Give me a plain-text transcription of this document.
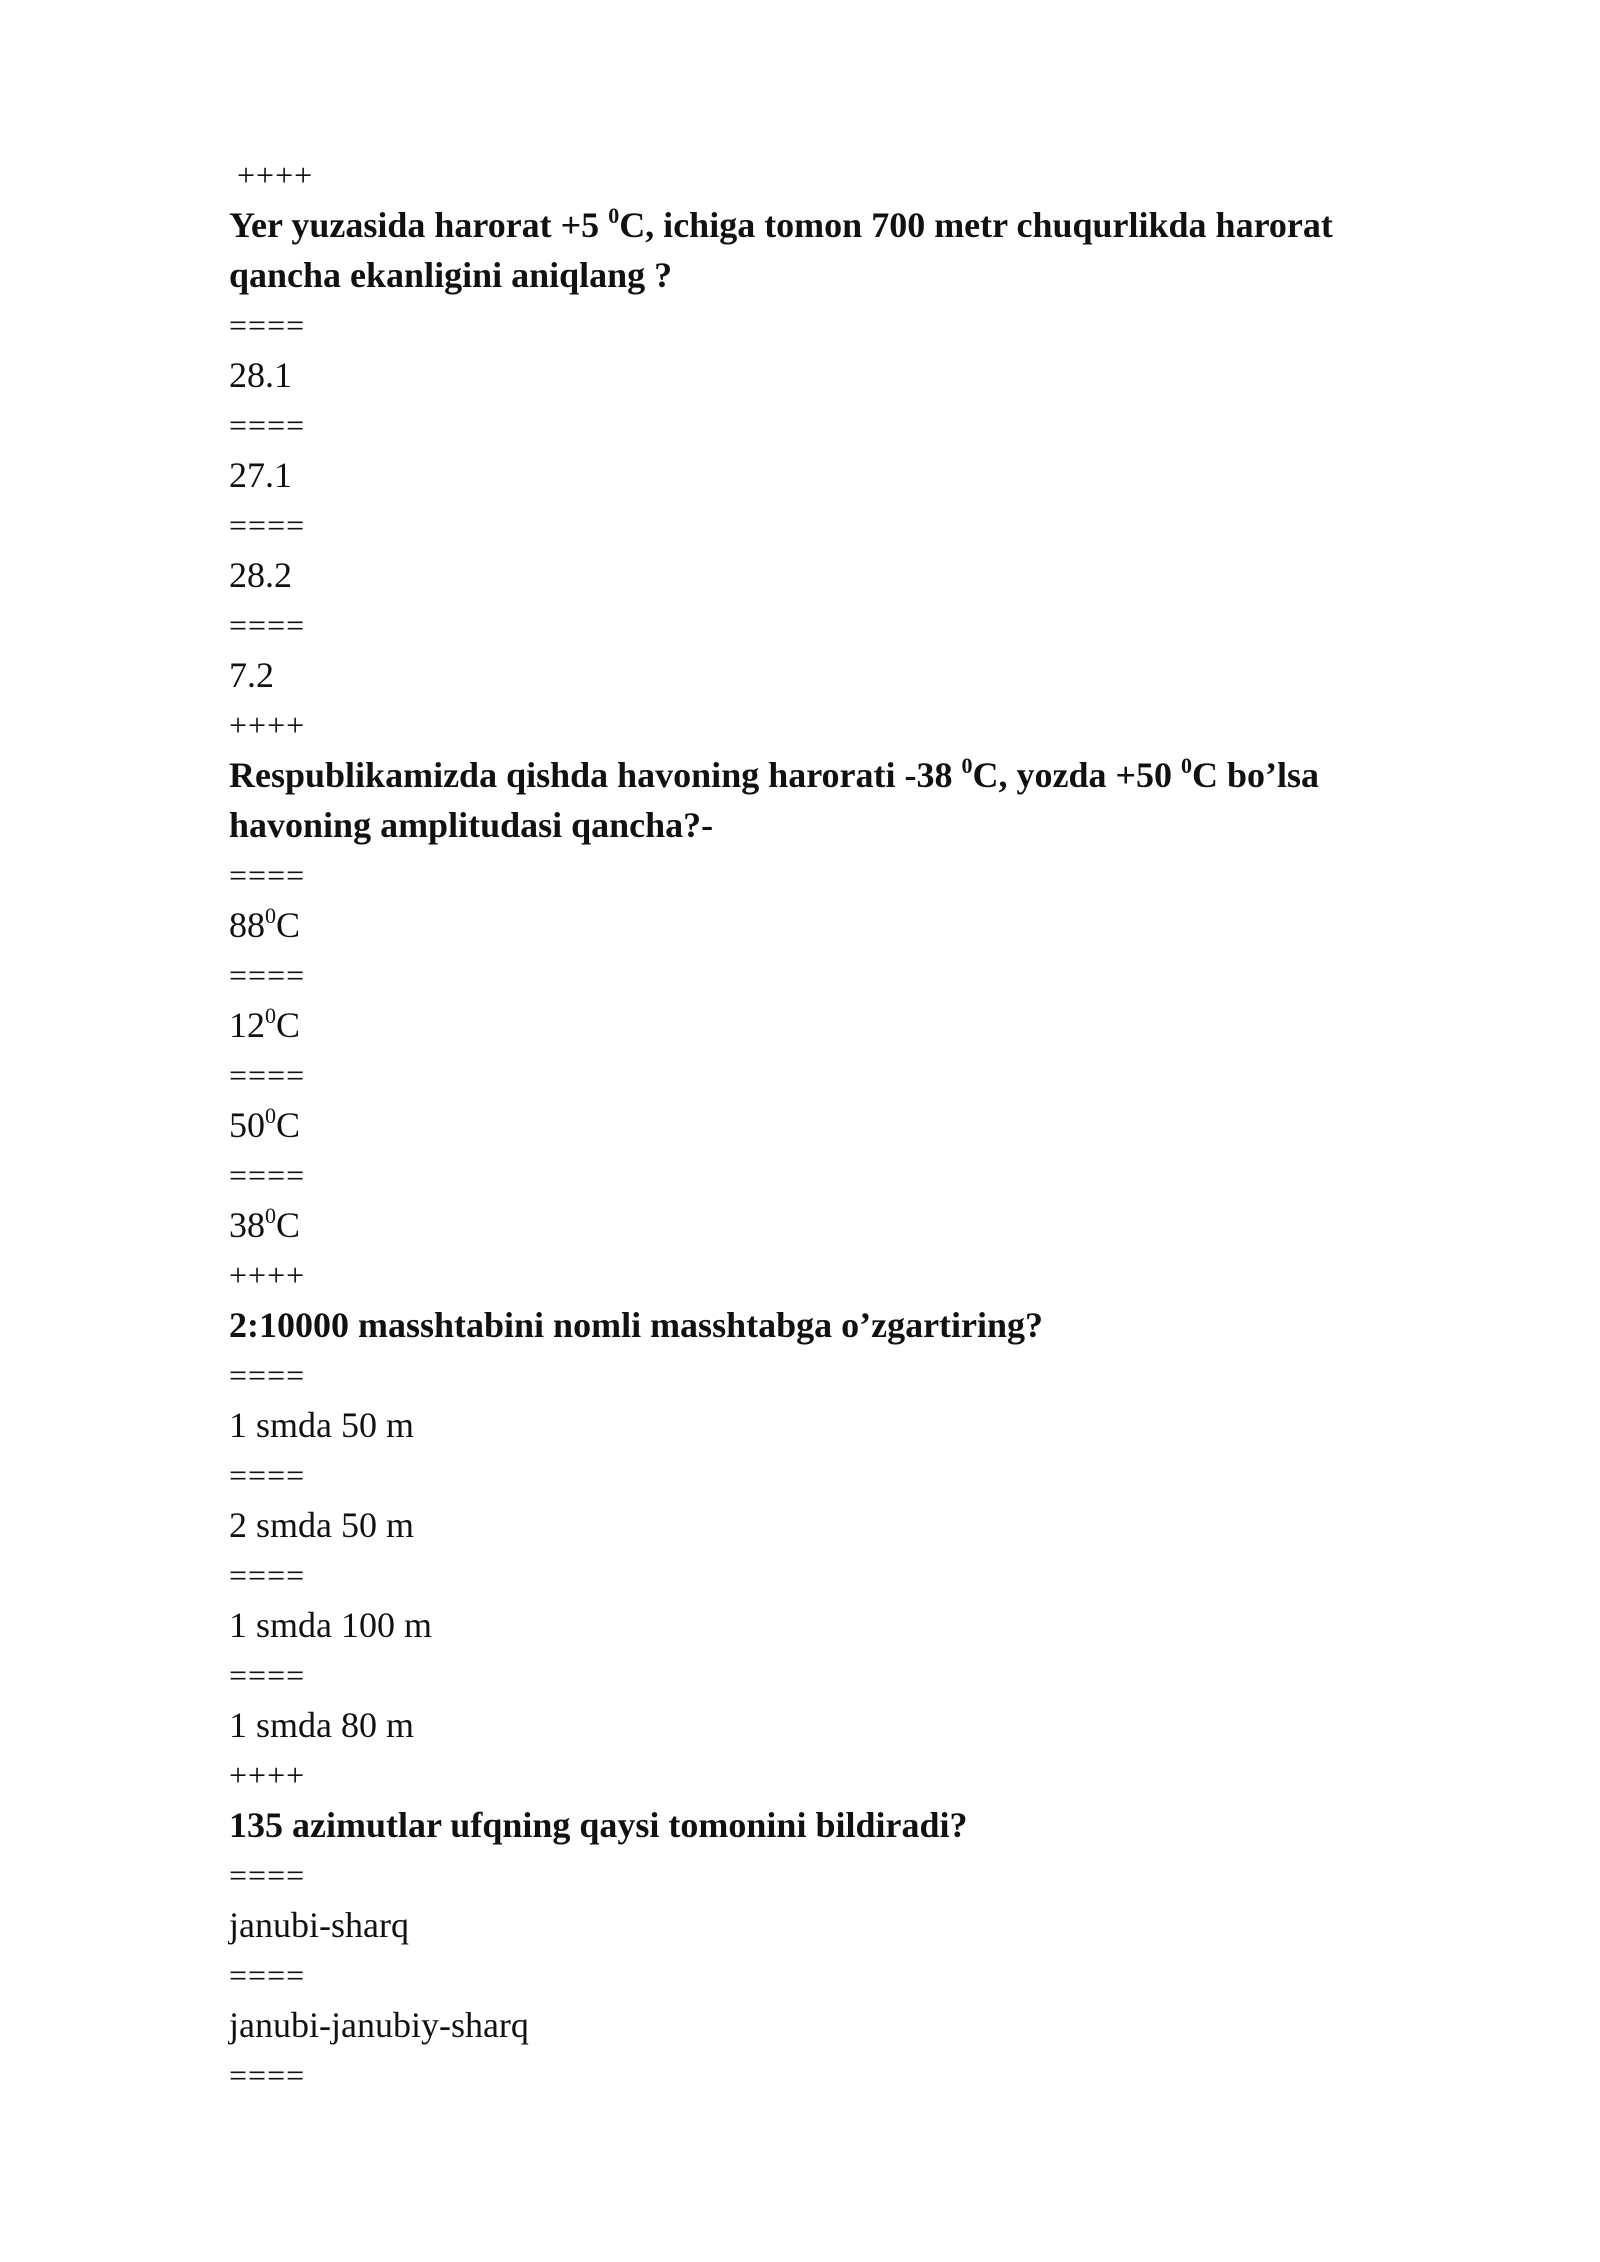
++++
Yer yuzasida harorat +5 $^0$C, ichiga tomon 700 metr chuqurlikda harorat
qancha ekanligini aniqlang ?
====
28.1
====
27.1
====
28.2
====
7.2
++++
Respublikamizda qishda havoning harorati -38 $^0$C, yozda +50 $^0$C bo’lsa
havoning amplitudasi qancha?-
====
$88^0C$
====
$12^0C$
====
$50^0C$
====
$38^0C$
++++
2:10000 masshtabini nomli masshtabga o’zgartiring?
====
1 smda 50 m
====
2 smda 50 m
====
1 smda 100 m
====
1 smda 80 m
++++
135 azimutlar ufqning qaysi tomonini bildiradi?
====
janubi-sharq
====
janubi-janubiy-sharq
====
